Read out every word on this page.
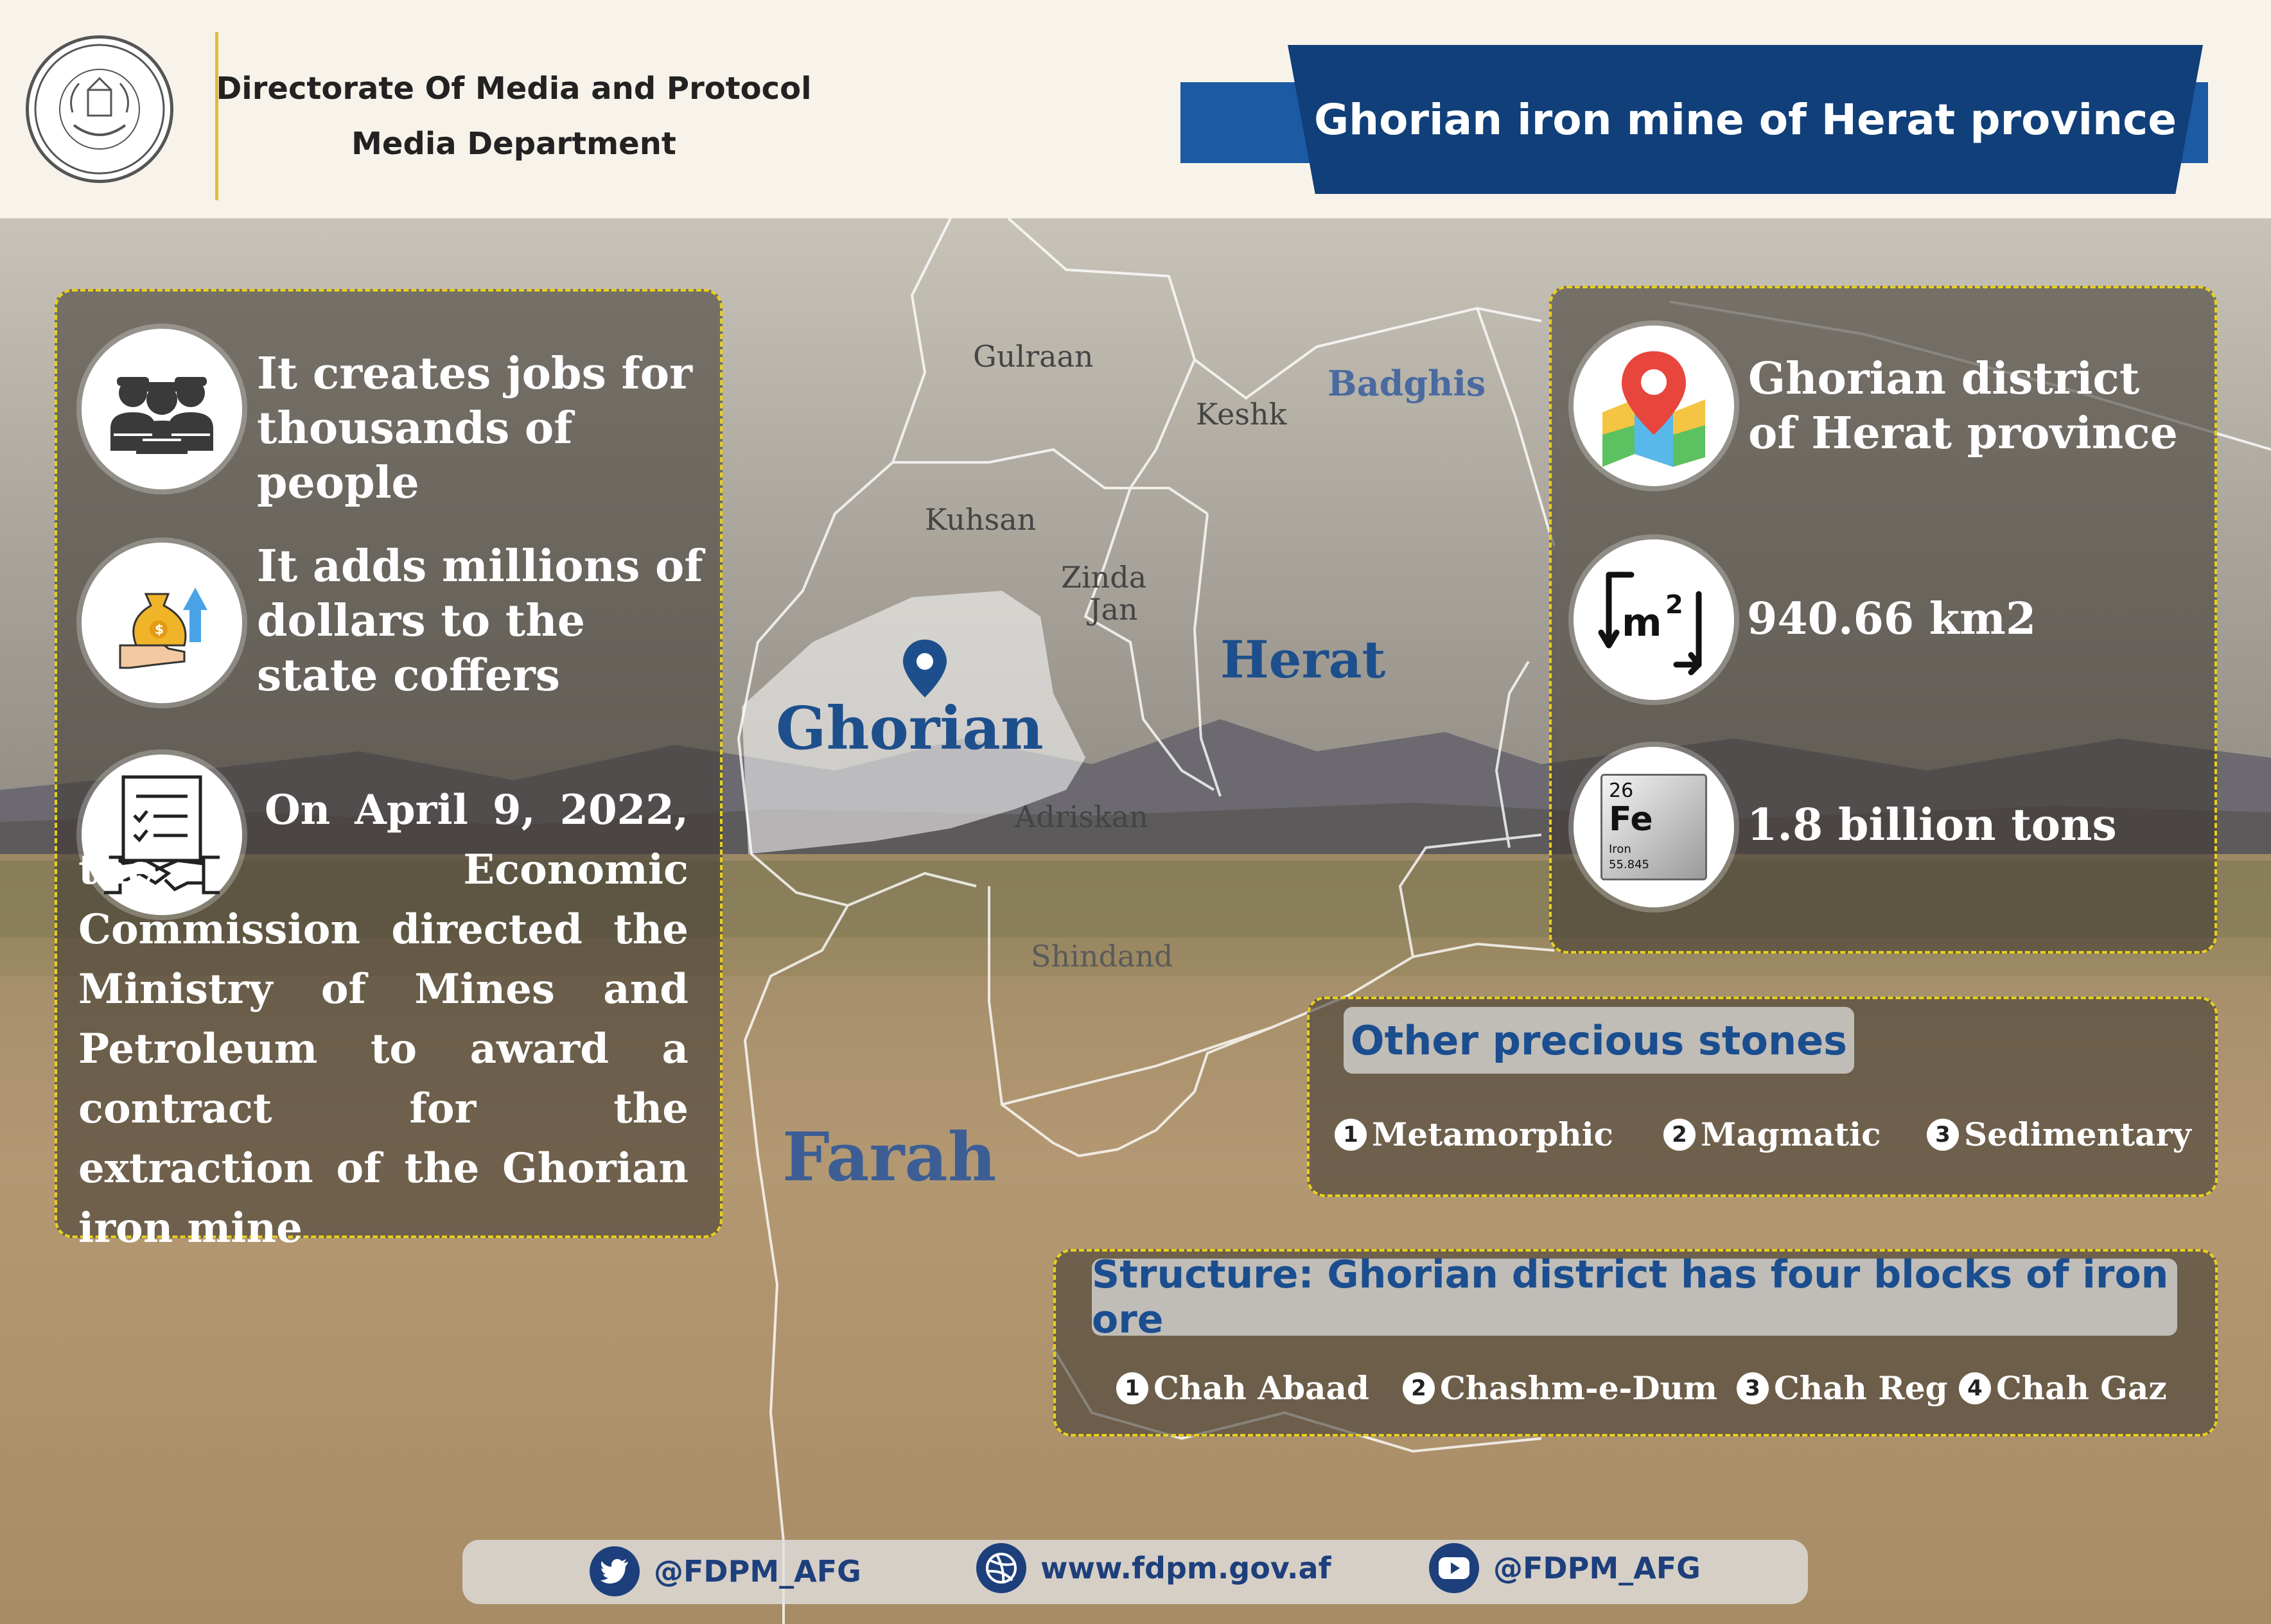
Directorate Of Media and Protocol
Media Department	Ghorian iron mine of Herat province
Gulraan
Keshk
Badghis
Kuhsan
Zinda
Jan
Herat
Ghorian
Adriskan
Shindand
Farah
It creates jobs for thousands of people
$
It adds millions of dollars to the state coffers
On April 9, 2022, the Economic Commission directed the Ministry of Mines and Petroleum to award a contract for the extraction of the Ghorian iron mine
Ghorian district of Herat province
m 2 940.66 km2
26
Fe
Iron
55.845
1.8 billion tons
Other precious stones
1 Metamorphic	2 Magmatic	3 Sedimentary
Structure: Ghorian district has four blocks of iron ore
1 Chah Abaad	2 Chashm-e-Dum	3 Chah Reg 4 Chah Gaz
@FDPM_AFG	www.fdpm.gov.af	@FDPM_AFG
